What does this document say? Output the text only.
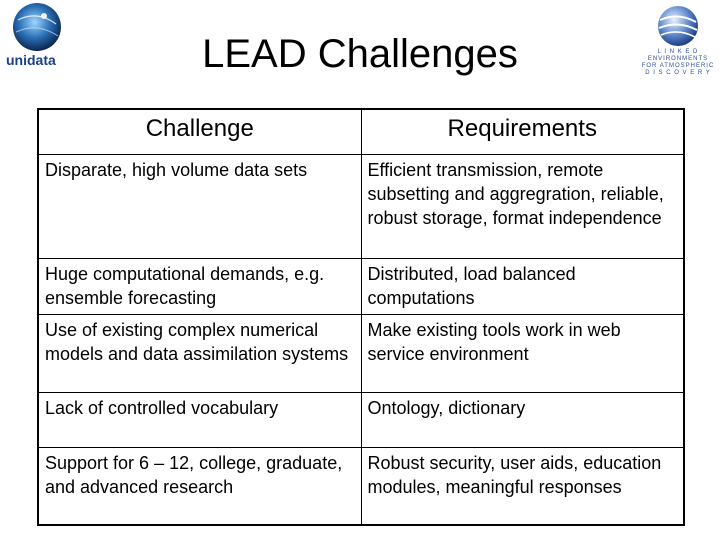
unidata	L I N K E D
ENVIRONMENTS
FOR ATMOSPHERIC
D I S C O V E R Y
LEAD Challenges
Challenge	Requirements
Disparate, high volume data sets	Efficient transmission, remote subsetting and aggregration, reliable, robust storage, format independence
Huge computational demands, e.g. ensemble forecasting	Distributed, load balanced computations
Use of existing complex numerical models and data assimilation systems	Make existing tools work in web service environment
Lack of controlled vocabulary	Ontology, dictionary
Support for 6 – 12, college, graduate, and advanced research	Robust security, user aids, education modules, meaningful responses
